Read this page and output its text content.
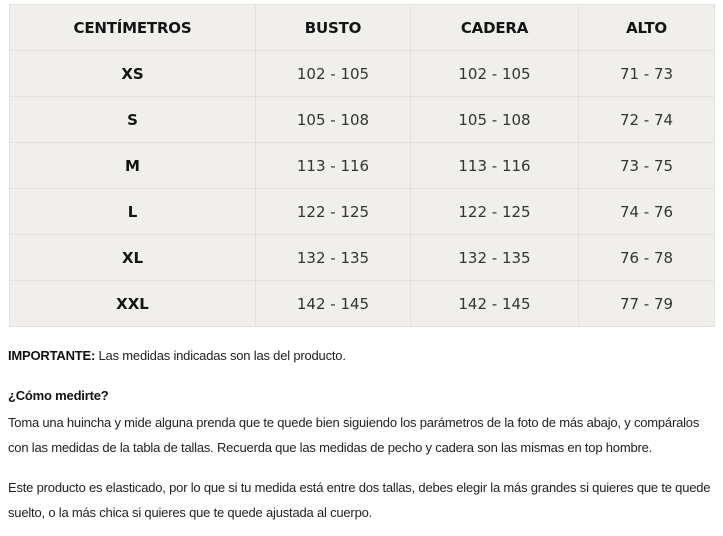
CENTÍMETROS	BUSTO	CADERA	ALTO
XS	102 - 105	102 - 105	71 - 73
S	105 - 108	105 - 108	72 - 74
M	113 - 116	113 - 116	73 - 75
L	122 - 125	122 - 125	74 - 76
XL	132 - 135	132 - 135	76 - 78
XXL	142 - 145	142 - 145	77 - 79

IMPORTANTE: Las medidas indicadas son las del producto.

¿Cómo medirte?

Toma una huincha y mide alguna prenda que te quede bien siguiendo los parámetros de la foto de más abajo, y compáralos con las medidas de la tabla de tallas. Recuerda que las medidas de pecho y cadera son las mismas en top hombre.

Este producto es elasticado, por lo que si tu medida está entre dos tallas, debes elegir la más grandes si quieres que te quede suelto, o la más chica si quieres que te quede ajustada al cuerpo.
